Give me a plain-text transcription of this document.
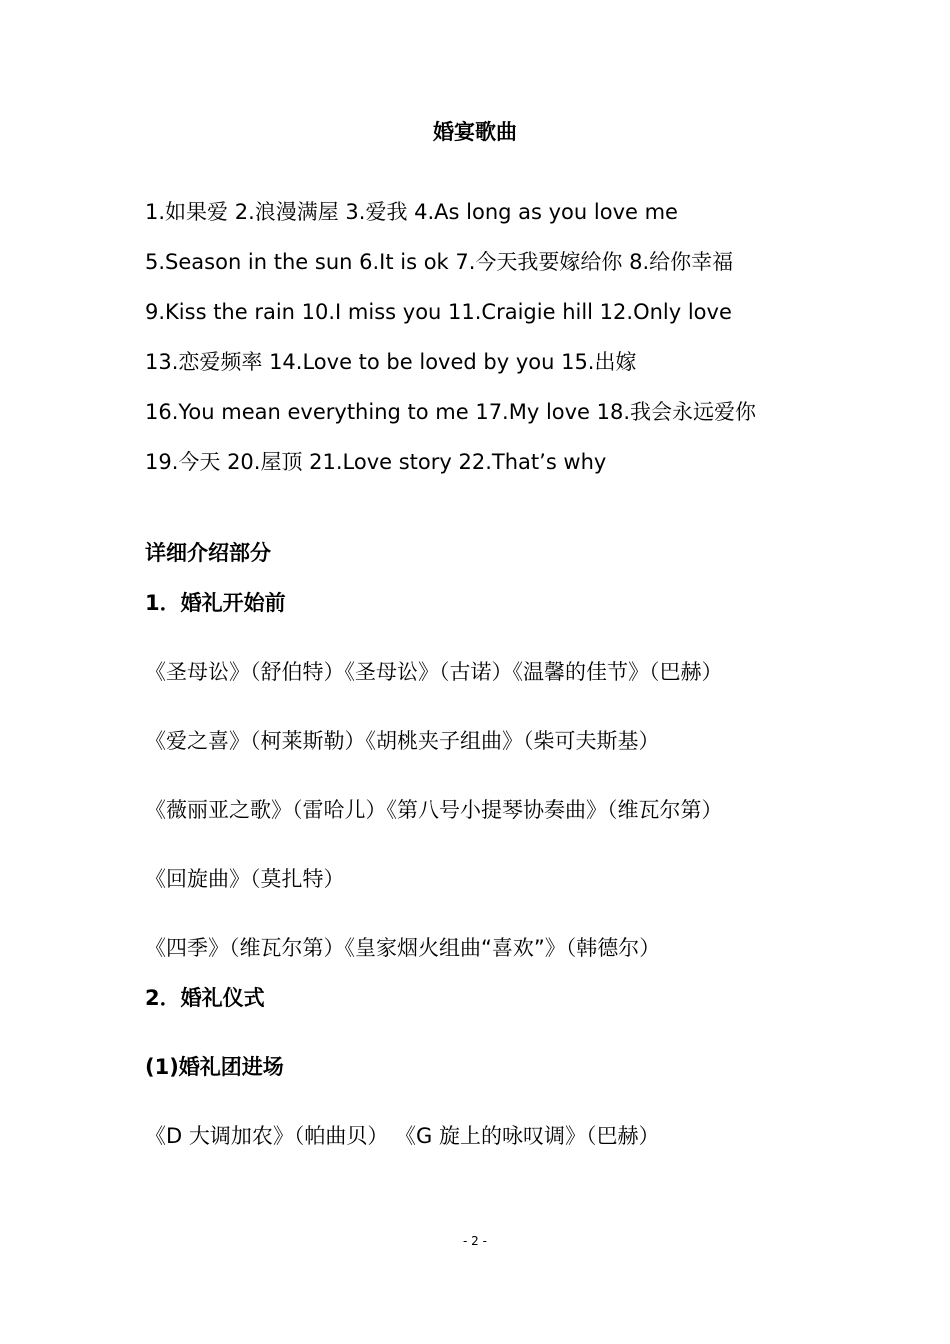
婚宴歌曲
1.如果爱 2.浪漫满屋 3.爱我 4.As long as you love me
5.Season in the sun 6.It is ok 7.今天我要嫁给你 8.给你幸福
9.Kiss the rain 10.I miss you 11.Craigie hill 12.Only love
13.恋爱频率 14.Love to be loved by you 15.出嫁
16.You mean everything to me 17.My love 18.我会永远爱你
19.今天 20.屋顶 21.Love story 22.That’s why
详细介绍部分
1．婚礼开始前
《圣母讼》（舒伯特）《圣母讼》（古诺）《温馨的佳节》（巴赫）
《爱之喜》（柯莱斯勒）《胡桃夹子组曲》（柴可夫斯基）
《薇丽亚之歌》（雷哈儿）《第八号小提琴协奏曲》（维瓦尔第）
《回旋曲》（莫扎特）
《四季》（维瓦尔第）《皇家烟火组曲“喜欢”》（韩德尔）
2．婚礼仪式
(1)婚礼团进场
《D 大调加农》（帕曲贝） 《G 旋上的咏叹调》（巴赫）
- 2 -
